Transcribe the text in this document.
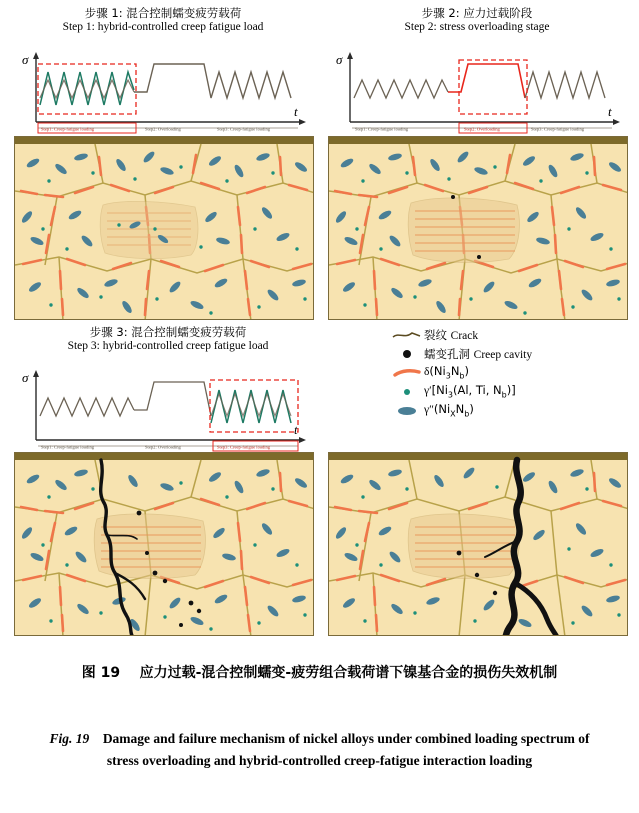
步骤 1: 混合控制蠕变疲劳载荷
Step 1: hybrid-controlled creep fatigue load
步骤 2: 应力过载阶段
Step 2: stress overloading stage
σ
t
Step1: Creep-fatigue loading	Step2: Overloading	Step3: Creep-fatigue loading
σ
t
Step1: Creep-fatigue loading	Step2: Overloading	Step3: Creep-fatigue loading
步骤 3: 混合控制蠕变疲劳载荷
Step 3: hybrid-controlled creep fatigue load
σ
t
Step1: Creep-fatigue loading	Step2: Overloading	Step3: Creep-fatigue loading
裂纹 Crack
蠕变孔洞 Creep cavity
$\delta(Ni_3N_b)$
$\gamma'[Ni_3(Al$, Ti, $N_b$)]
$\gamma''(Ni_XN_b)$
图 19 应力过载-混合控制蠕变-疲劳组合载荷谱下镍基合金的损伤失效机制
Fig. 19 Damage and failure mechanism of nickel alloys under combined loading spectrum of stress overloading and hybrid-controlled creep-fatigue interaction loading
